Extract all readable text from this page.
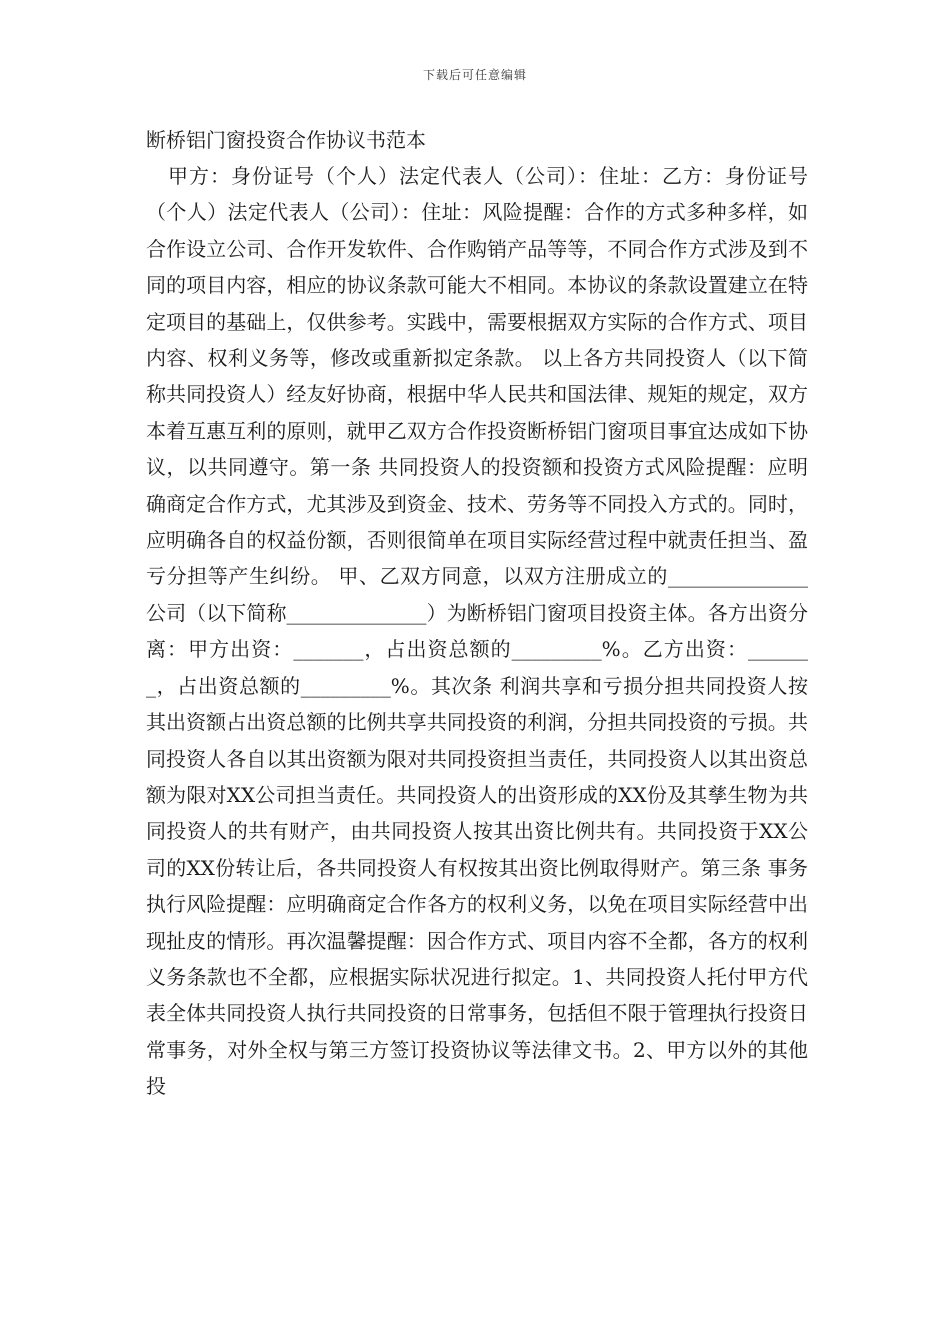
下载后可任意编辑
断桥铝门窗投资合作协议书范本

甲方：身份证号（个人）法定代表人（公司）：住址：乙方：身份证号（个人）法定代表人（公司）：住址：风险提醒：合作的方式多种多样，如合作设立公司、合作开发软件、合作购销产品等等，不同合作方式涉及到不同的项目内容，相应的协议条款可能大不相同。本协议的条款设置建立在特定项目的基础上，仅供参考。实践中，需要根据双方实际的合作方式、项目内容、权利义务等，修改或重新拟定条款。 以上各方共同投资人（以下简称共同投资人）经友好协商，根据中华人民共和国法律、规矩的规定，双方本着互惠互利的原则，就甲乙双方合作投资断桥铝门窗项目事宜达成如下协议，以共同遵守。第一条 共同投资人的投资额和投资方式风险提醒：应明确商定合作方式，尤其涉及到资金、技术、劳务等不同投入方式的。同时，应明确各自的权益份额，否则很简单在项目实际经营过程中就责任担当、盈亏分担等产生纠纷。 甲、乙双方同意，以双方注册成立的______________公司（以下简称______________）为断桥铝门窗项目投资主体。各方出资分离：甲方出资：_______，占出资总额的_________%。乙方出资：_______，占出资总额的_________%。其次条 利润共享和亏损分担共同投资人按其出资额占出资总额的比例共享共同投资的利润，分担共同投资的亏损。共同投资人各自以其出资额为限对共同投资担当责任，共同投资人以其出资总额为限对XX公司担当责任。共同投资人的出资形成的XX份及其孳生物为共同投资人的共有财产，由共同投资人按其出资比例共有。共同投资于XX公司的XX份转让后，各共同投资人有权按其出资比例取得财产。第三条 事务执行风险提醒：应明确商定合作各方的权利义务，以免在项目实际经营中出现扯皮的情形。再次温馨提醒：因合作方式、项目内容不全都，各方的权利义务条款也不全都，应根据实际状况进行拟定。1、共同投资人托付甲方代表全体共同投资人执行共同投资的日常事务，包括但不限于管理执行投资日常事务，对外全权与第三方签订投资协议等法律文书。2、甲方以外的其他投
